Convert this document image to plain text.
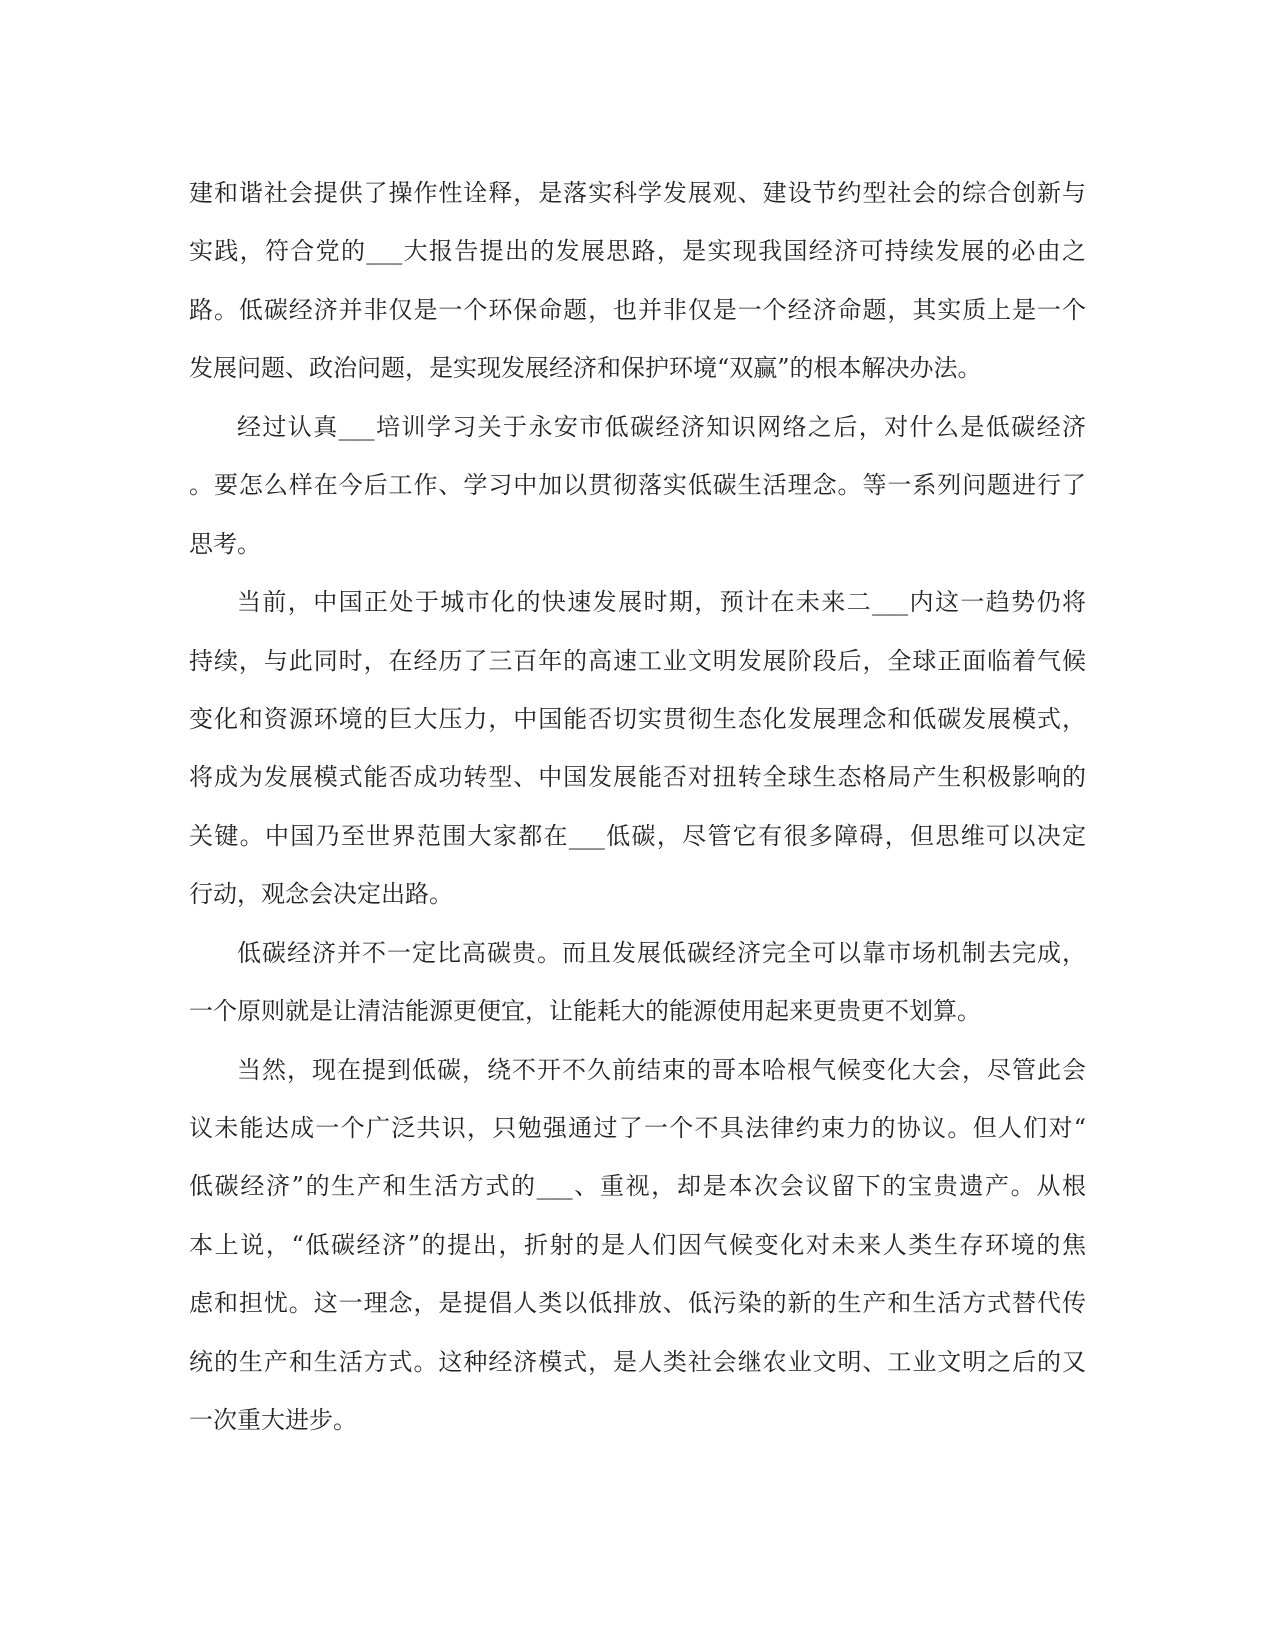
建和谐社会提供了操作性诠释，是落实科学发展观、建设节约型社会的综合创新与
实践，符合党的___大报告提出的发展思路，是实现我国经济可持续发展的必由之
路。低碳经济并非仅是一个环保命题，也并非仅是一个经济命题，其实质上是一个
发展问题、政治问题，是实现发展经济和保护环境“双赢”的根本解决办法。
经过认真___培训学习关于永安市低碳经济知识网络之后，对什么是低碳经济
。要怎么样在今后工作、学习中加以贯彻落实低碳生活理念。等一系列问题进行了
思考。
当前，中国正处于城市化的快速发展时期，预计在未来二___内这一趋势仍将
持续，与此同时，在经历了三百年的高速工业文明发展阶段后，全球正面临着气候
变化和资源环境的巨大压力，中国能否切实贯彻生态化发展理念和低碳发展模式，
将成为发展模式能否成功转型、中国发展能否对扭转全球生态格局产生积极影响的
关键。中国乃至世界范围大家都在___低碳，尽管它有很多障碍，但思维可以决定
行动，观念会决定出路。
低碳经济并不一定比高碳贵。而且发展低碳经济完全可以靠市场机制去完成，
一个原则就是让清洁能源更便宜，让能耗大的能源使用起来更贵更不划算。
当然，现在提到低碳，绕不开不久前结束的哥本哈根气候变化大会，尽管此会
议未能达成一个广泛共识，只勉强通过了一个不具法律约束力的协议。但人们对“
低碳经济”的生产和生活方式的___、重视，却是本次会议留下的宝贵遗产。从根
本上说，“低碳经济”的提出，折射的是人们因气候变化对未来人类生存环境的焦
虑和担忧。这一理念，是提倡人类以低排放、低污染的新的生产和生活方式替代传
统的生产和生活方式。这种经济模式，是人类社会继农业文明、工业文明之后的又
一次重大进步。
